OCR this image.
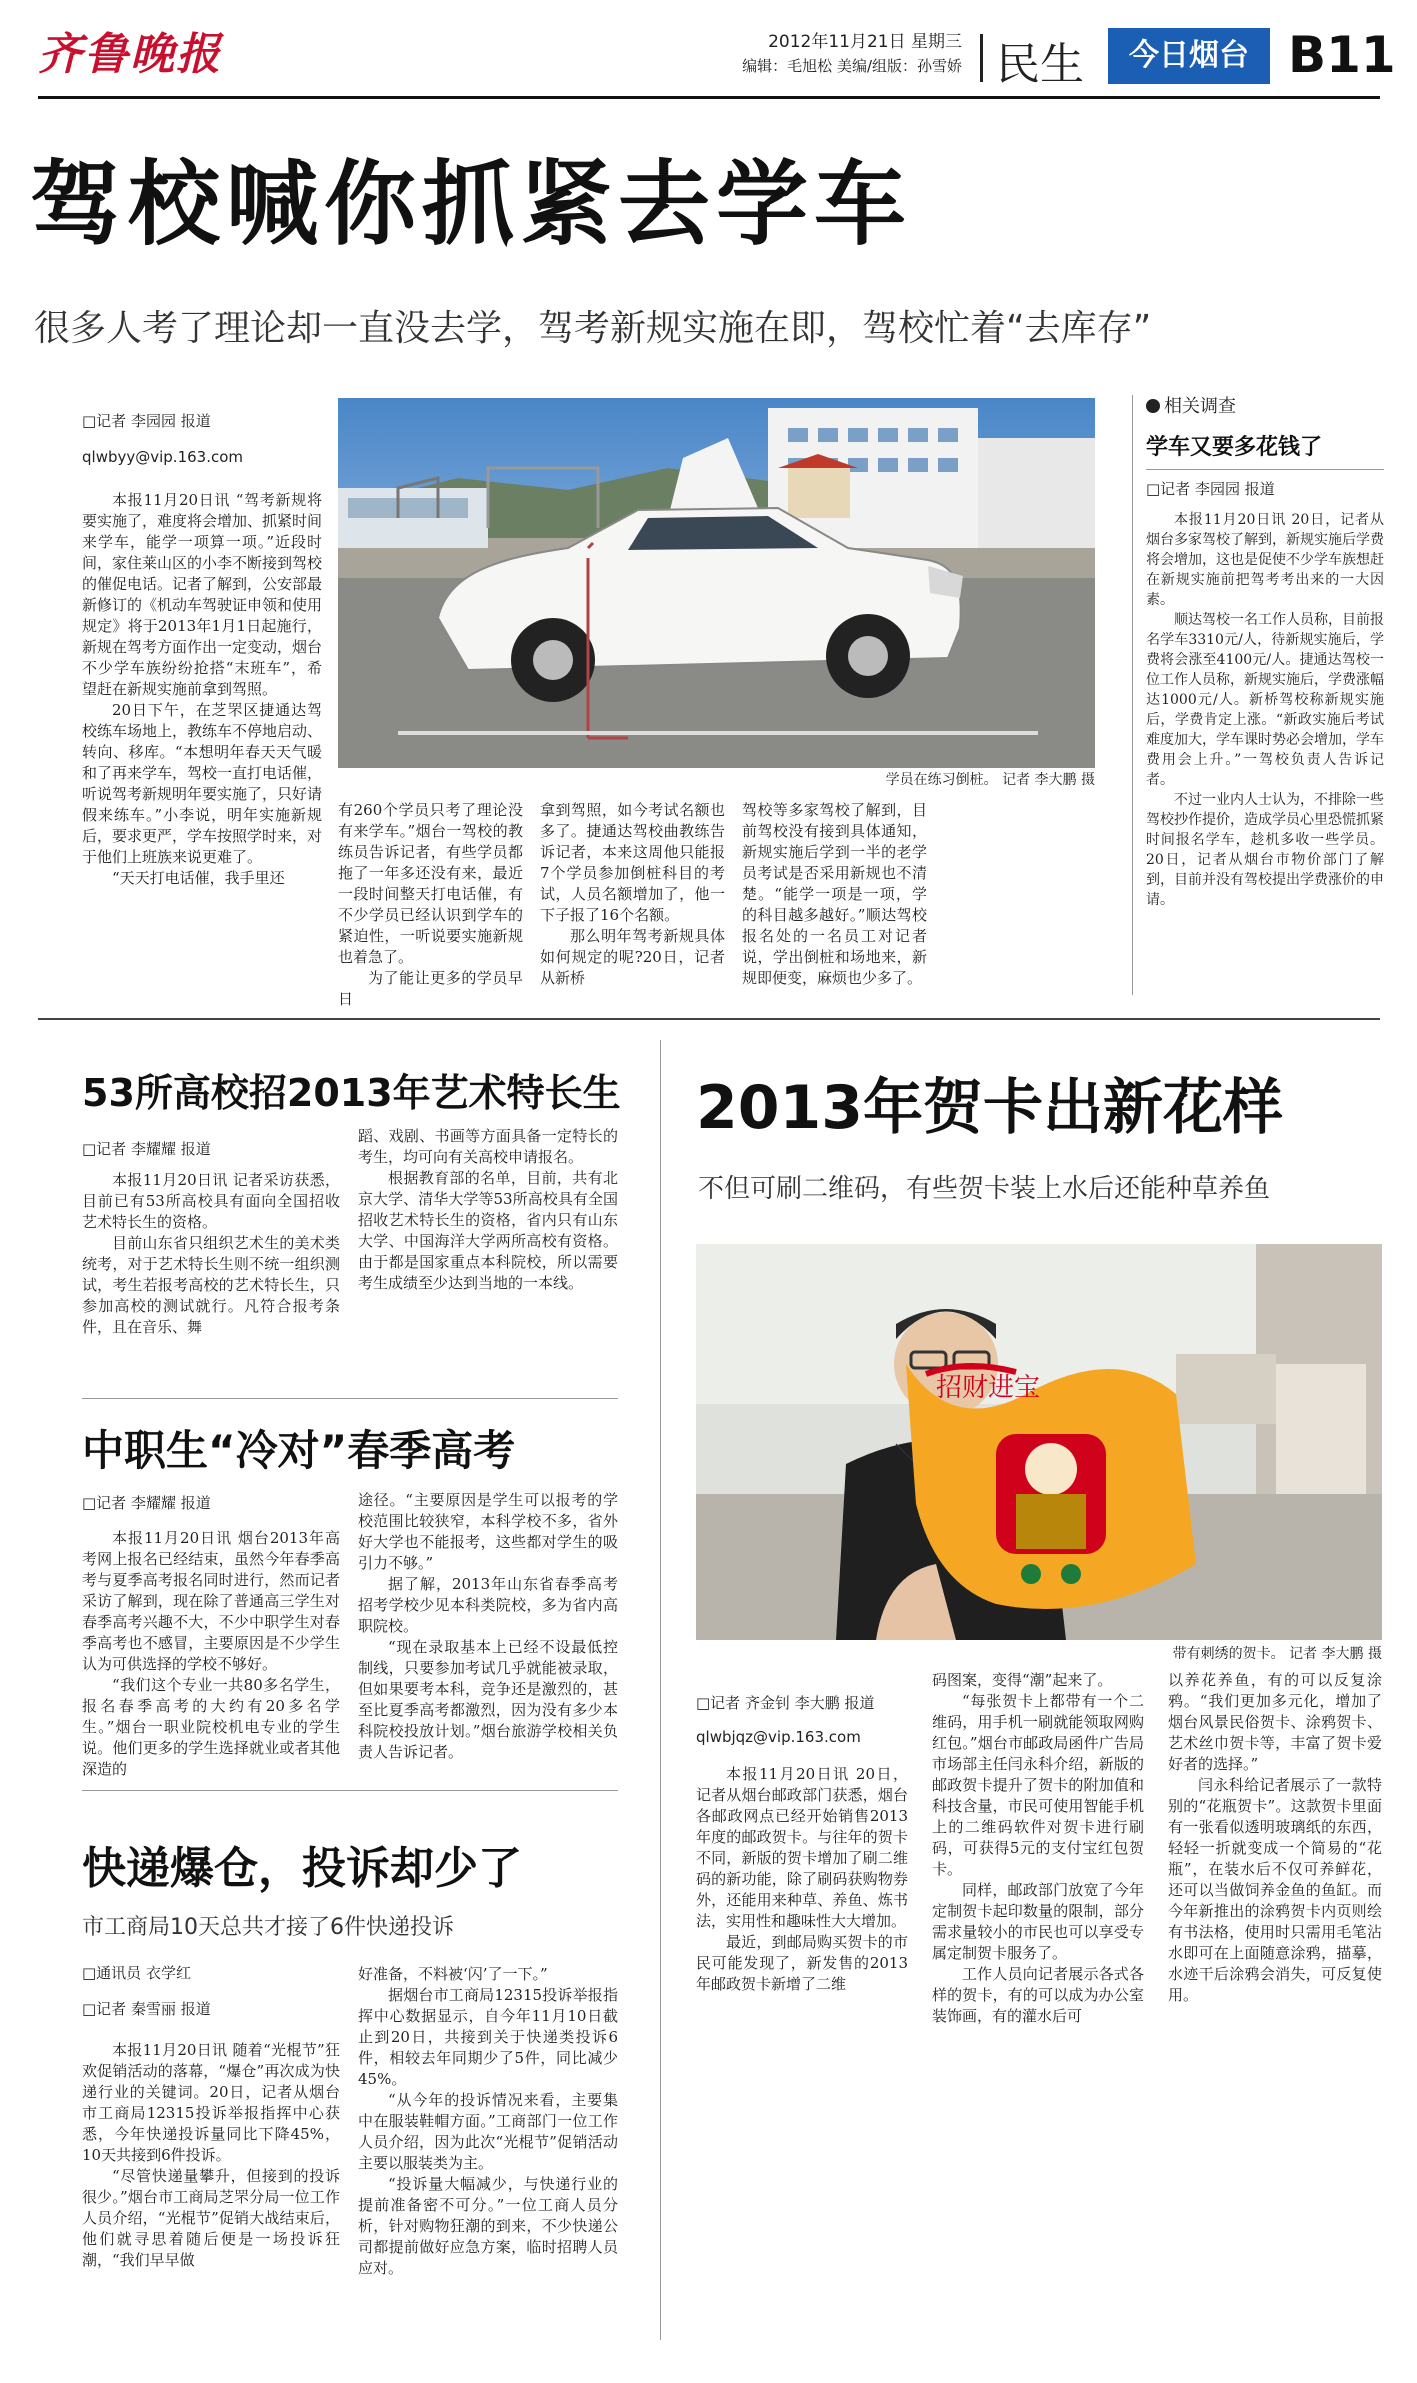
齐鲁晚报	2012年11月21日 星期三
编辑：毛旭松 美编/组版：孙雪娇 民生	今日烟台 B11
驾校喊你抓紧去学车
很多人考了理论却一直没去学，驾考新规实施在即，驾校忙着“去库存”
□记者 李园园 报道
qlwbyy@vip.163.com
学员在练习倒桩。 记者 李大鹏 摄

本报11月20日讯 “驾考新规将要实施了，难度将会增加、抓紧时间来学车，能学一项算一项。”近段时间，家住莱山区的小李不断接到驾校的催促电话。记者了解到，公安部最新修订的《机动车驾驶证申领和使用规定》将于2013年1月1日起施行，新规在驾考方面作出一定变动，烟台不少学车族纷纷抢搭“末班车”，希望赶在新规实施前拿到驾照。

20日下午，在芝罘区捷通达驾校练车场地上，教练车不停地启动、转向、移库。“本想明年春天天气暖和了再来学车，驾校一直打电话催，听说驾考新规明年要实施了，只好请假来练车。”小李说，明年实施新规后，要求更严，学车按照学时来，对于他们上班族来说更难了。

“天天打电话催，我手里还

有260个学员只考了理论没有来学车。”烟台一驾校的教练员告诉记者，有些学员都拖了一年多还没有来，最近一段时间整天打电话催，有不少学员已经认识到学车的紧迫性，一听说要实施新规也着急了。

为了能让更多的学员早日

拿到驾照，如今考试名额也多了。捷通达驾校曲教练告诉记者，本来这周他只能报7个学员参加倒桩科目的考试，人员名额增加了，他一下子报了16个名额。

那么明年驾考新规具体如何规定的呢?20日，记者从新桥

驾校等多家驾校了解到，目前驾校没有接到具体通知，新规实施后学到一半的老学员考试是否采用新规也不清楚。“能学一项是一项，学的科目越多越好。”顺达驾校报名处的一名员工对记者说，学出倒桩和场地来，新规即便变，麻烦也少多了。

相关调查
学车又要多花钱了
□记者 李园园 报道

本报11月20日讯 20日，记者从烟台多家驾校了解到，新规实施后学费将会增加，这也是促使不少学车族想赶在新规实施前把驾考考出来的一大因素。

顺达驾校一名工作人员称，目前报名学车3310元/人，待新规实施后，学费将会涨至4100元/人。捷通达驾校一位工作人员称，新规实施后，学费涨幅达1000元/人。新桥驾校称新规实施后，学费肯定上涨。“新政实施后考试难度加大，学车课时势必会增加，学车费用会上升。”一驾校负责人告诉记者。

不过一业内人士认为，不排除一些驾校抄作提价，造成学员心里恐慌抓紧时间报名学车，趁机多收一些学员。20日，记者从烟台市物价部门了解到，目前并没有驾校提出学费涨价的申请。

53所高校招2013年艺术特长生
□记者 李耀耀 报道

本报11月20日讯 记者采访获悉，目前已有53所高校具有面向全国招收艺术特长生的资格。

目前山东省只组织艺术生的美术类统考，对于艺术特长生则不统一组织测试，考生若报考高校的艺术特长生，只参加高校的测试就行。凡符合报考条件，且在音乐、舞

蹈、戏剧、书画等方面具备一定特长的考生，均可向有关高校申请报名。

根据教育部的名单，目前，共有北京大学、清华大学等53所高校具有全国招收艺术特长生的资格，省内只有山东大学、中国海洋大学两所高校有资格。由于都是国家重点本科院校，所以需要考生成绩至少达到当地的一本线。

中职生“冷对”春季高考
□记者 李耀耀 报道

本报11月20日讯 烟台2013年高考网上报名已经结束，虽然今年春季高考与夏季高考报名同时进行，然而记者采访了解到，现在除了普通高三学生对春季高考兴趣不大，不少中职学生对春季高考也不感冒，主要原因是不少学生认为可供选择的学校不够好。

“我们这个专业一共80多名学生，报名春季高考的大约有20多名学生。”烟台一职业院校机电专业的学生说。他们更多的学生选择就业或者其他深造的

途径。“主要原因是学生可以报考的学校范围比较狭窄，本科学校不多，省外好大学也不能报考，这些都对学生的吸引力不够。”

据了解，2013年山东省春季高考招考学校少见本科类院校，多为省内高职院校。

“现在录取基本上已经不设最低控制线，只要参加考试几乎就能被录取，但如果要考本科，竞争还是激烈的，甚至比夏季高考都激烈，因为没有多少本科院校投放计划。”烟台旅游学校相关负责人告诉记者。

快递爆仓，投诉却少了
市工商局10天总共才接了6件快递投诉
□通讯员 衣学红
□记者 秦雪丽 报道

本报11月20日讯 随着“光棍节”狂欢促销活动的落幕，“爆仓”再次成为快递行业的关键词。20日，记者从烟台市工商局12315投诉举报指挥中心获悉，今年快递投诉量同比下降45%，10天共接到6件投诉。

“尽管快递量攀升，但接到的投诉很少。”烟台市工商局芝罘分局一位工作人员介绍，“光棍节”促销大战结束后，他们就寻思着随后便是一场投诉狂潮，“我们早早做

好准备，不料被‘闪’了一下。”

据烟台市工商局12315投诉举报指挥中心数据显示，自今年11月10日截止到20日，共接到关于快递类投诉6件，相较去年同期少了5件，同比减少45%。

“从今年的投诉情况来看，主要集中在服装鞋帽方面。”工商部门一位工作人员介绍，因为此次“光棍节”促销活动主要以服装类为主。

“投诉量大幅减少，与快递行业的提前准备密不可分。”一位工商人员分析，针对购物狂潮的到来，不少快递公司都提前做好应急方案，临时招聘人员应对。

2013年贺卡出新花样
不但可刷二维码，有些贺卡装上水后还能种草养鱼
招财进宝
带有刺绣的贺卡。 记者 李大鹏 摄
□记者 齐金钊 李大鹏 报道
qlwbjqz@vip.163.com

本报11月20日讯 20日，记者从烟台邮政部门获悉，烟台各邮政网点已经开始销售2013年度的邮政贺卡。与往年的贺卡不同，新版的贺卡增加了刷二维码的新功能，除了刷码获购物券外，还能用来种草、养鱼、炼书法，实用性和趣味性大大增加。

最近，到邮局购买贺卡的市民可能发现了，新发售的2013年邮政贺卡新增了二维

码图案，变得“潮”起来了。

“每张贺卡上都带有一个二维码，用手机一刷就能领取网购红包。”烟台市邮政局函件广告局市场部主任闫永科介绍，新版的邮政贺卡提升了贺卡的附加值和科技含量，市民可使用智能手机上的二维码软件对贺卡进行刷码，可获得5元的支付宝红包贺卡。

同样，邮政部门放宽了今年定制贺卡起印数量的限制，部分需求量较小的市民也可以享受专属定制贺卡服务了。

工作人员向记者展示各式各样的贺卡，有的可以成为办公室装饰画，有的灌水后可

以养花养鱼，有的可以反复涂鸦。“我们更加多元化，增加了烟台风景民俗贺卡、涂鸦贺卡、艺术丝巾贺卡等，丰富了贺卡爱好者的选择。”

闫永科给记者展示了一款特别的“花瓶贺卡”。这款贺卡里面有一张看似透明玻璃纸的东西，轻轻一折就变成一个简易的“花瓶”，在装水后不仅可养鲜花，还可以当做饲养金鱼的鱼缸。而今年新推出的涂鸦贺卡内页则绘有书法格，使用时只需用毛笔沾水即可在上面随意涂鸦，描摹，水迹干后涂鸦会消失，可反复使用。
